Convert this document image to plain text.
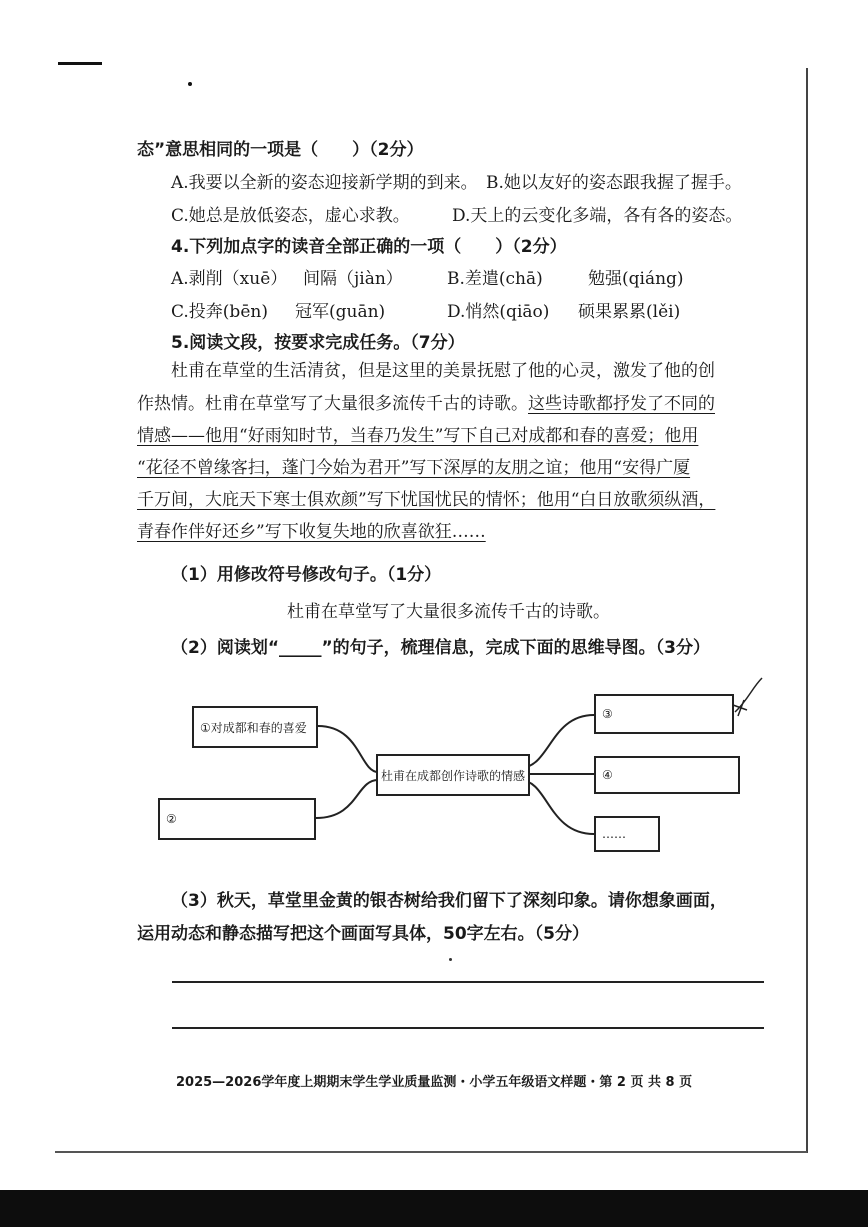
态”意思相同的一项是（　　）（2分）
A.我要以全新的姿态迎接新学期的到来。 B.她以友好的姿态跟我握了握手。
C.她总是放低姿态，虚心求教。 D.天上的云变化多端，各有各的姿态。
4.下列加点字的读音全部正确的一项（　　）（2分）
A.剥削（xuē） 间隔（jiàn）	B.差遣(chā)	勉强(qiáng)
C.投奔(bēn) 冠军(guān)	D.悄然(qiāo) 硕果累累(lěi)
5.阅读文段，按要求完成任务。（7分）
杜甫在草堂的生活清贫，但是这里的美景抚慰了他的心灵，激发了他的创
作热情。杜甫在草堂写了大量很多流传千古的诗歌。这些诗歌都抒发了不同的
情感——他用“好雨知时节，当春乃发生”写下自己对成都和春的喜爱；他用
“花径不曾缘客扫，蓬门今始为君开”写下深厚的友朋之谊；他用“安得广厦
千万间，大庇天下寒士俱欢颜”写下忧国忧民的情怀；他用“白日放歌须纵酒，
青春作伴好还乡”写下收复失地的欣喜欲狂……
（1）用修改符号修改句子。（1分）
杜甫在草堂写了大量很多流传千古的诗歌。
（2）阅读划“_____”的句子，梳理信息，完成下面的思维导图。（3分）
①对成都和春的喜爱
②
杜甫在成都创作诗歌的情感
③
④
……
（3）秋天，草堂里金黄的银杏树给我们留下了深刻印象。请你想象画面，
运用动态和静态描写把这个画面写具体，50字左右。（5分）
2025—2026学年度上期期末学生学业质量监测・小学五年级语文样题・第 2 页 共 8 页
